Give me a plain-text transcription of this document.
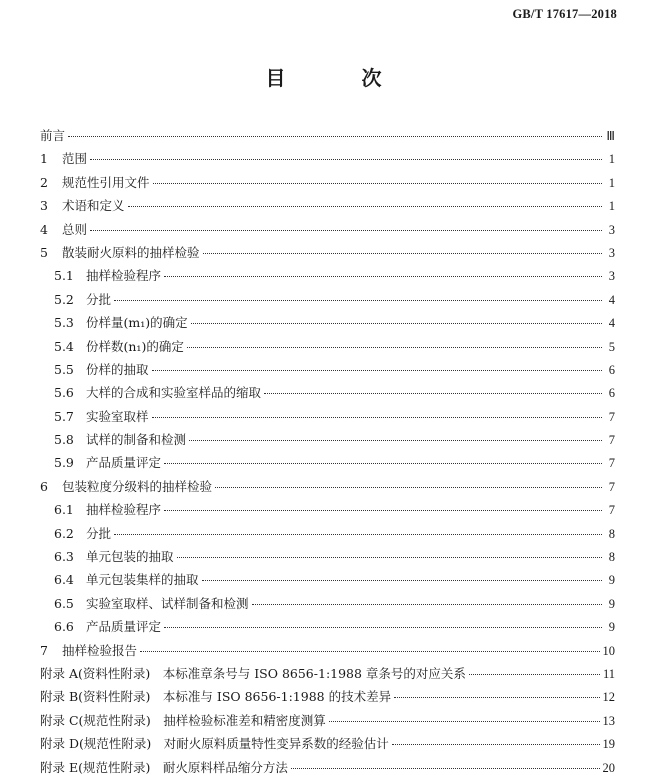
GB/T 17617—2018
目　次
前言	Ⅲ
1	范围	1
2	规范性引用文件	1
3	术语和定义	1
4	总则	3
5	散装耐火原料的抽样检验	3
5.1 抽样检验程序	3
5.2 分批	4
5.3 份样量(m₁)的确定	4
5.4 份样数(n₁)的确定	5
5.5 份样的抽取	6
5.6 大样的合成和实验室样品的缩取	6
5.7 实验室取样	7
5.8 试样的制备和检测	7
5.9 产品质量评定	7
6	包装粒度分级料的抽样检验	7
6.1 抽样检验程序	7
6.2 分批	8
6.3 单元包装的抽取	8
6.4 单元包装集样的抽取	9
6.5 实验室取样、试样制备和检测	9
6.6 产品质量评定	9
7	抽样检验报告	10
附录 A(资料性附录)　本标准章条号与 ISO 8656-1:1988 章条号的对应关系	11
附录 B(资料性附录)　本标准与 ISO 8656-1:1988 的技术差异	12
附录 C(规范性附录)　抽样检验标准差和精密度测算	13
附录 D(规范性附录)　对耐火原料质量特性变异系数的经验估计	19
附录 E(规范性附录)　耐火原料样品缩分方法	20
